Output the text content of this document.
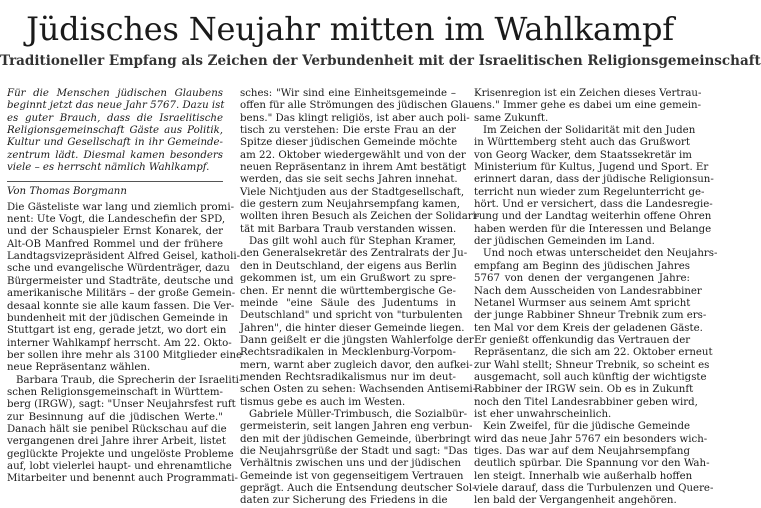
Jüdisches Neujahr mitten im Wahlkampf
Traditioneller Empfang als Zeichen der Verbundenheit mit der Israelitischen Religionsgemeinschaft
Für die Menschen jüdischen Glaubens
beginnt jetzt das neue Jahr 5767. Dazu ist
es guter Brauch, dass die Israelitische
Religionsgemeinschaft Gäste aus Politik,
Kultur und Gesellschaft in ihr Gemeinde-
zentrum lädt. Diesmal kamen besonders
viele – es herrscht nämlich Wahlkampf.
Von Thomas Borgmann
Die Gästeliste war lang und ziemlich promi-
nent: Ute Vogt, die Landeschefin der SPD,
und der Schauspieler Ernst Konarek, der
Alt-OB Manfred Rommel und der frühere
Landtagsvizepräsident Alfred Geisel, katholi-
sche und evangelische Würdenträger, dazu
Bürgermeister und Stadträte, deutsche und
amerikanische Militärs – der große Gemein-
desaal konnte sie alle kaum fassen. Die Ver-
bundenheit mit der jüdischen Gemeinde in
Stuttgart ist eng, gerade jetzt, wo dort ein
interner Wahlkampf herrscht. Am 22. Okto-
ber sollen ihre mehr als 3100 Mitglieder eine
neue Repräsentanz wählen.
Barbara Traub, die Sprecherin der Israeliti-
schen Religionsgemeinschaft in Württem-
berg (IRGW), sagt: "Unser Neujahrsfest ruft
zur Besinnung auf die jüdischen Werte."
Danach hält sie penibel Rückschau auf die
vergangenen drei Jahre ihrer Arbeit, listet
geglückte Projekte und ungelöste Probleme
auf, lobt vielerlei haupt- und ehrenamtliche
Mitarbeiter und benennt auch Programmati-
sches: "Wir sind eine Einheitsgemeinde –
offen für alle Strömungen des jüdischen Glau-
bens." Das klingt religiös, ist aber auch poli-
tisch zu verstehen: Die erste Frau an der
Spitze dieser jüdischen Gemeinde möchte
am 22. Oktober wiedergewählt und von der
neuen Repräsentanz in ihrem Amt bestätigt
werden, das sie seit sechs Jahren innehat.
Viele Nichtjuden aus der Stadtgesellschaft,
die gestern zum Neujahrsempfang kamen,
wollten ihren Besuch als Zeichen der Solidari-
tät mit Barbara Traub verstanden wissen.
Das gilt wohl auch für Stephan Kramer,
den Generalsekretär des Zentralrats der Ju-
den in Deutschland, der eigens aus Berlin
gekommen ist, um ein Grußwort zu spre-
chen. Er nennt die württembergische Ge-
meinde "eine Säule des Judentums in
Deutschland" und spricht von "turbulenten
Jahren", die hinter dieser Gemeinde liegen.
Dann geißelt er die jüngsten Wahlerfolge der
Rechtsradikalen in Mecklenburg-Vorpom-
mern, warnt aber zugleich davor, den aufkei-
menden Rechtsradikalismus nur im deut-
schen Osten zu sehen: Wachsenden Antisemi-
tismus gebe es auch im Westen.
Gabriele Müller-Trimbusch, die Sozialbür-
germeisterin, seit langen Jahren eng verbun-
den mit der jüdischen Gemeinde, überbringt
die Neujahrsgrüße der Stadt und sagt: "Das
Verhältnis zwischen uns und der jüdischen
Gemeinde ist von gegenseitigem Vertrauen
geprägt. Auch die Entsendung deutscher Sol-
daten zur Sicherung des Friedens in die
Krisenregion ist ein Zeichen dieses Vertrau-
ens." Immer gehe es dabei um eine gemein-
same Zukunft.
Im Zeichen der Solidarität mit den Juden
in Württemberg steht auch das Grußwort
von Georg Wacker, dem Staatssekretär im
Ministerium für Kultus, Jugend und Sport. Er
erinnert daran, dass der jüdische Religionsun-
terricht nun wieder zum Regelunterricht ge-
hört. Und er versichert, dass die Landesregie-
rung und der Landtag weiterhin offene Ohren
haben werden für die Interessen und Belange
der jüdischen Gemeinden im Land.
Und noch etwas unterscheidet den Neujahrs-
empfang am Beginn des jüdischen Jahres
5767 von denen der vergangenen Jahre:
Nach dem Ausscheiden von Landesrabbiner
Netanel Wurmser aus seinem Amt spricht
der junge Rabbiner Shneur Trebnik zum ers-
ten Mal vor dem Kreis der geladenen Gäste.
Er genießt offenkundig das Vertrauen der
Repräsentanz, die sich am 22. Oktober erneut
zur Wahl stellt; Shneur Trebnik, so scheint es
ausgemacht, soll auch künftig der wichtigste
Rabbiner der IRGW sein. Ob es in Zukunft
noch den Titel Landesrabbiner geben wird,
ist eher unwahrscheinlich.
Kein Zweifel, für die jüdische Gemeinde
wird das neue Jahr 5767 ein besonders wich-
tiges. Das war auf dem Neujahrsempfang
deutlich spürbar. Die Spannung vor den Wah-
len steigt. Innerhalb wie außerhalb hoffen
viele darauf, dass die Turbulenzen und Quere-
len bald der Vergangenheit angehören.
